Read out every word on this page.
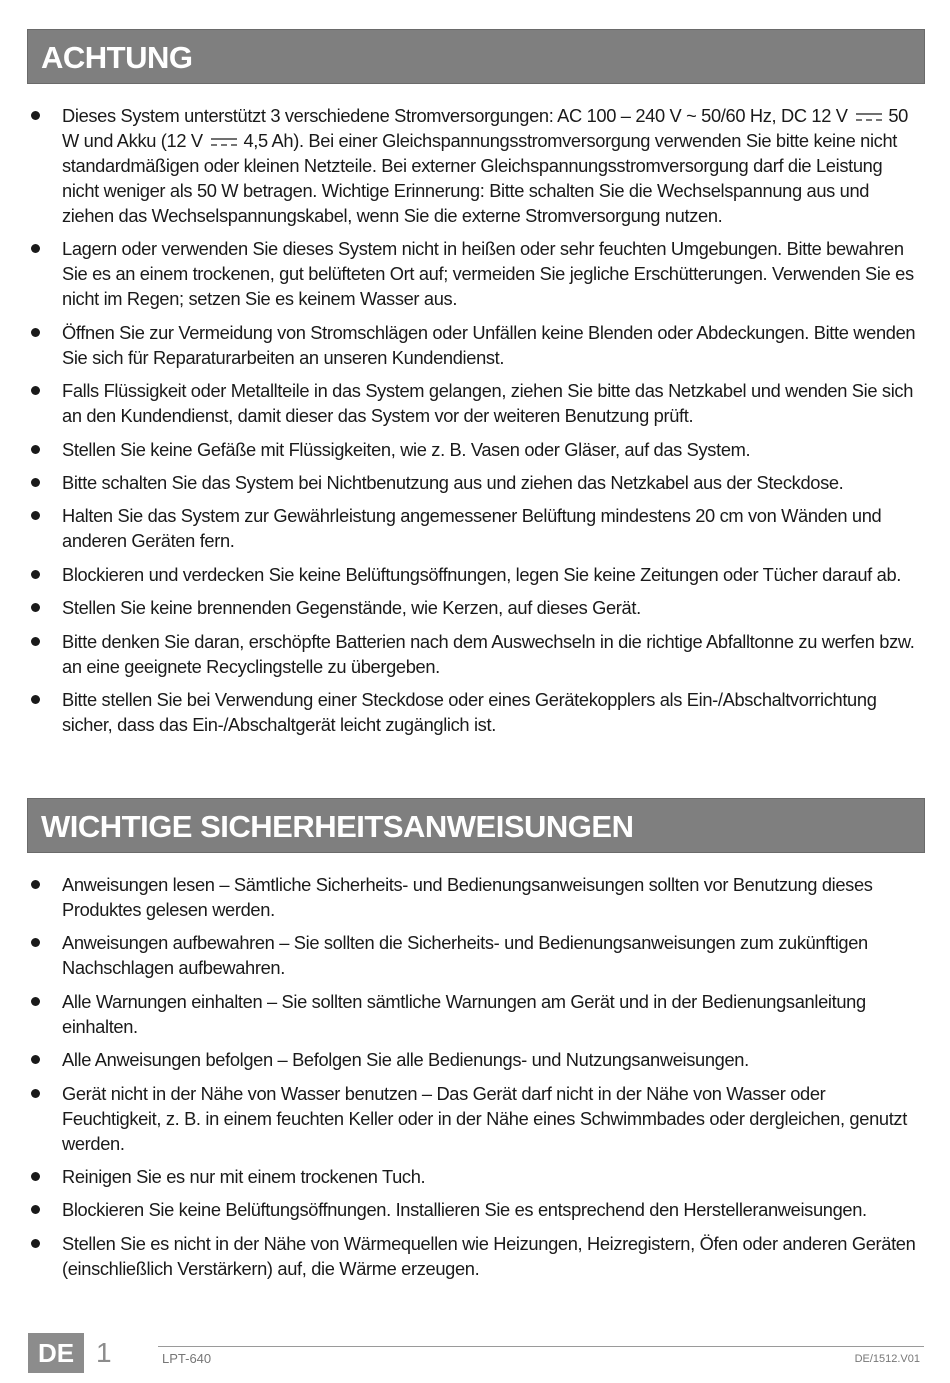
ACHTUNG
Dieses System unterstützt 3 verschiedene Stromversorgungen: AC 100 – 240 V ~ 50/60 Hz, DC 12 V 50 W und Akku (12 V 4,5 Ah). Bei einer Gleichspannungsstromversorgung verwenden Sie bitte keine nicht standardmäßigen oder kleinen Netzteile. Bei externer Gleichspannungsstromversorgung darf die Leistung nicht weniger als 50 W betragen. Wichtige Erinnerung: Bitte schalten Sie die Wechselspannung aus und ziehen das Wechselspannungskabel, wenn Sie die externe Stromversorgung nutzen.
Lagern oder verwenden Sie dieses System nicht in heißen oder sehr feuchten Umgebungen. Bitte bewahren Sie es an einem trockenen, gut belüfteten Ort auf; vermeiden Sie jegliche Erschütterungen. Verwenden Sie es nicht im Regen; setzen Sie es keinem Wasser aus.
Öffnen Sie zur Vermeidung von Stromschlägen oder Unfällen keine Blenden oder Abdeckungen. Bitte wenden Sie sich für Reparaturarbeiten an unseren Kundendienst.
Falls Flüssigkeit oder Metallteile in das System gelangen, ziehen Sie bitte das Netzkabel und wenden Sie sich an den Kundendienst, damit dieser das System vor der weiteren Benutzung prüft.
Stellen Sie keine Gefäße mit Flüssigkeiten, wie z. B. Vasen oder Gläser, auf das System.
Bitte schalten Sie das System bei Nichtbenutzung aus und ziehen das Netzkabel aus der Steckdose.
Halten Sie das System zur Gewährleistung angemessener Belüftung mindestens 20 cm von Wänden und anderen Geräten fern.
Blockieren und verdecken Sie keine Belüftungsöffnungen, legen Sie keine Zeitungen oder Tücher darauf ab.
Stellen Sie keine brennenden Gegenstände, wie Kerzen, auf dieses Gerät.
Bitte denken Sie daran, erschöpfte Batterien nach dem Auswechseln in die richtige Abfalltonne zu werfen bzw. an eine geeignete Recyclingstelle zu übergeben.
Bitte stellen Sie bei Verwendung einer Steckdose oder eines Gerätekopplers als Ein-/Abschaltvorrichtung sicher, dass das Ein-/Abschaltgerät leicht zugänglich ist.
WICHTIGE SICHERHEITSANWEISUNGEN
Anweisungen lesen – Sämtliche Sicherheits- und Bedienungsanweisungen sollten vor Benutzung dieses Produktes gelesen werden.
Anweisungen aufbewahren – Sie sollten die Sicherheits- und Bedienungsanweisungen zum zukünftigen Nachschlagen aufbewahren.
Alle Warnungen einhalten – Sie sollten sämtliche Warnungen am Gerät und in der Bedienungsanleitung einhalten.
Alle Anweisungen befolgen – Befolgen Sie alle Bedienungs- und Nutzungsanweisungen.
Gerät nicht in der Nähe von Wasser benutzen – Das Gerät darf nicht in der Nähe von Wasser oder Feuchtigkeit, z. B. in einem feuchten Keller oder in der Nähe eines Schwimmbades oder dergleichen, genutzt werden.
Reinigen Sie es nur mit einem trockenen Tuch.
Blockieren Sie keine Belüftungsöffnungen. Installieren Sie es entsprechend den Herstelleranweisungen.
Stellen Sie es nicht in der Nähe von Wärmequellen wie Heizungen, Heizregistern, Öfen oder anderen Geräten (einschließlich Verstärkern) auf, die Wärme erzeugen.
DE 1	LPT-640	DE/1512.V01
